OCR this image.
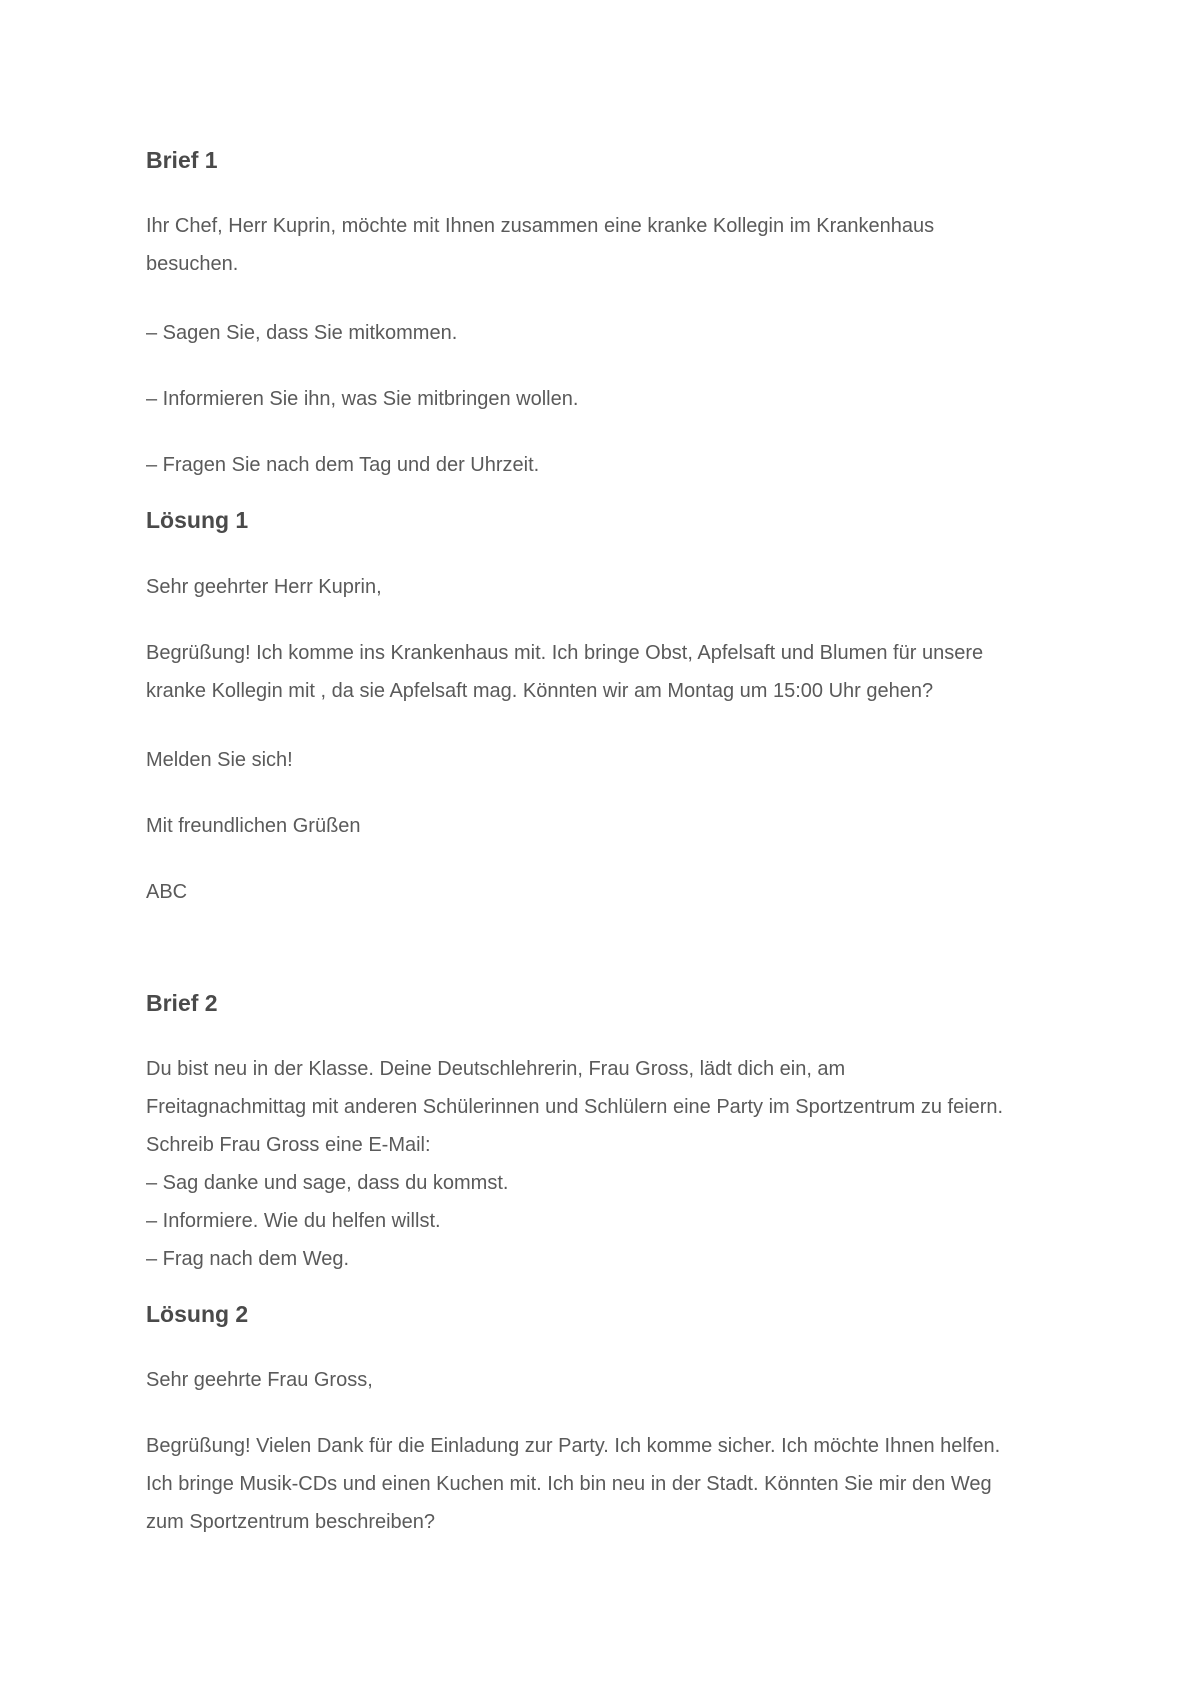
Brief 1

Ihr Chef, Herr Kuprin, möchte mit Ihnen zusammen eine kranke Kollegin im Krankenhaus
besuchen.

– Sagen Sie, dass Sie mitkommen.

– Informieren Sie ihn, was Sie mitbringen wollen.

– Fragen Sie nach dem Tag und der Uhrzeit.

Lösung 1

Sehr geehrter Herr Kuprin,

Begrüßung! Ich komme ins Krankenhaus mit. Ich bringe Obst, Apfelsaft und Blumen für unsere
kranke Kollegin mit , da sie Apfelsaft mag. Könnten wir am Montag um 15:00 Uhr gehen?

Melden Sie sich!

Mit freundlichen Grüßen

ABC

Brief 2

Du bist neu in der Klasse. Deine Deutschlehrerin, Frau Gross, lädt dich ein, am
Freitagnachmittag mit anderen Schülerinnen und Schlülern eine Party im Sportzentrum zu feiern.
Schreib Frau Gross eine E-Mail:
– Sag danke und sage, dass du kommst.
– Informiere. Wie du helfen willst.
– Frag nach dem Weg.

Lösung 2

Sehr geehrte Frau Gross,

Begrüßung! Vielen Dank für die Einladung zur Party. Ich komme sicher. Ich möchte Ihnen helfen.
Ich bringe Musik-CDs und einen Kuchen mit. Ich bin neu in der Stadt. Könnten Sie mir den Weg
zum Sportzentrum beschreiben?
